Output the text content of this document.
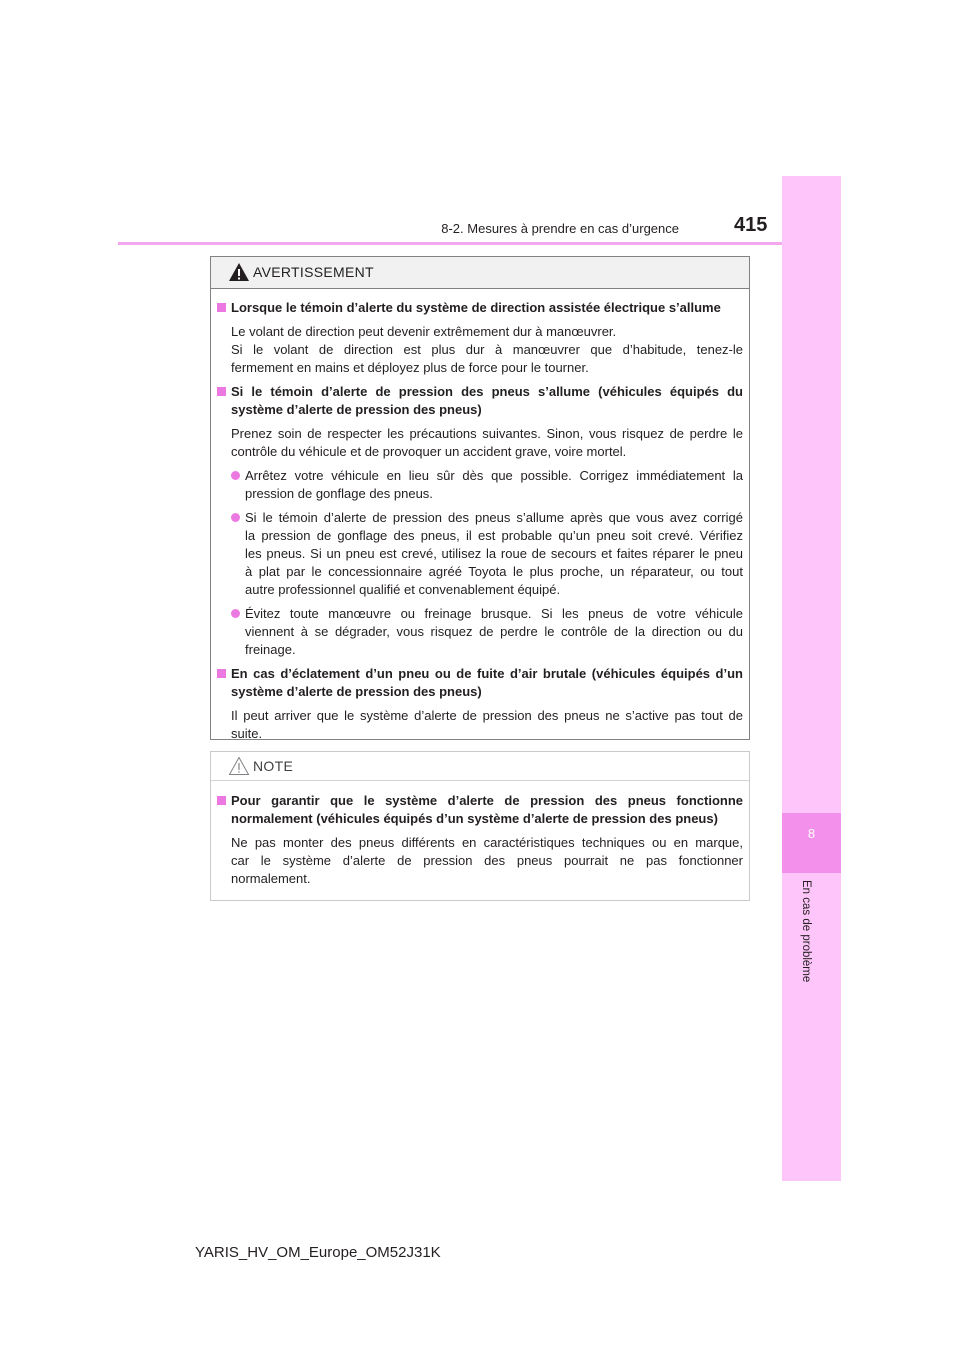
8-2. Mesures à prendre en cas d’urgence	415
8
En cas de problème
AVERTISSEMENT
Lorsque le témoin d’alerte du système de direction assistée électrique s’allume
Le volant de direction peut devenir extrêmement dur à manœuvrer.
Si le volant de direction est plus dur à manœuvrer que d’habitude, tenez-le
fermement en mains et déployez plus de force pour le tourner.
Si le témoin d’alerte de pression des pneus s’allume (véhicules équipés du
système d’alerte de pression des pneus)
Prenez soin de respecter les précautions suivantes. Sinon, vous risquez de perdre le
contrôle du véhicule et de provoquer un accident grave, voire mortel.
Arrêtez votre véhicule en lieu sûr dès que possible. Corrigez immédiatement la
pression de gonflage des pneus.
Si le témoin d’alerte de pression des pneus s’allume après que vous avez corrigé
la pression de gonflage des pneus, il est probable qu’un pneu soit crevé. Vérifiez
les pneus. Si un pneu est crevé, utilisez la roue de secours et faites réparer le pneu
à plat par le concessionnaire agréé Toyota le plus proche, un réparateur, ou tout
autre professionnel qualifié et convenablement équipé.
Évitez toute manœuvre ou freinage brusque. Si les pneus de votre véhicule
viennent à se dégrader, vous risquez de perdre le contrôle de la direction ou du
freinage.
En cas d’éclatement d’un pneu ou de fuite d’air brutale (véhicules équipés d’un
système d’alerte de pression des pneus)
Il peut arriver que le système d’alerte de pression des pneus ne s’active pas tout de
suite.
NOTE
Pour garantir que le système d’alerte de pression des pneus fonctionne
normalement (véhicules équipés d’un système d’alerte de pression des pneus)
Ne pas monter des pneus différents en caractéristiques techniques ou en marque,
car le système d’alerte de pression des pneus pourrait ne pas fonctionner
normalement.
YARIS_HV_OM_Europe_OM52J31K
